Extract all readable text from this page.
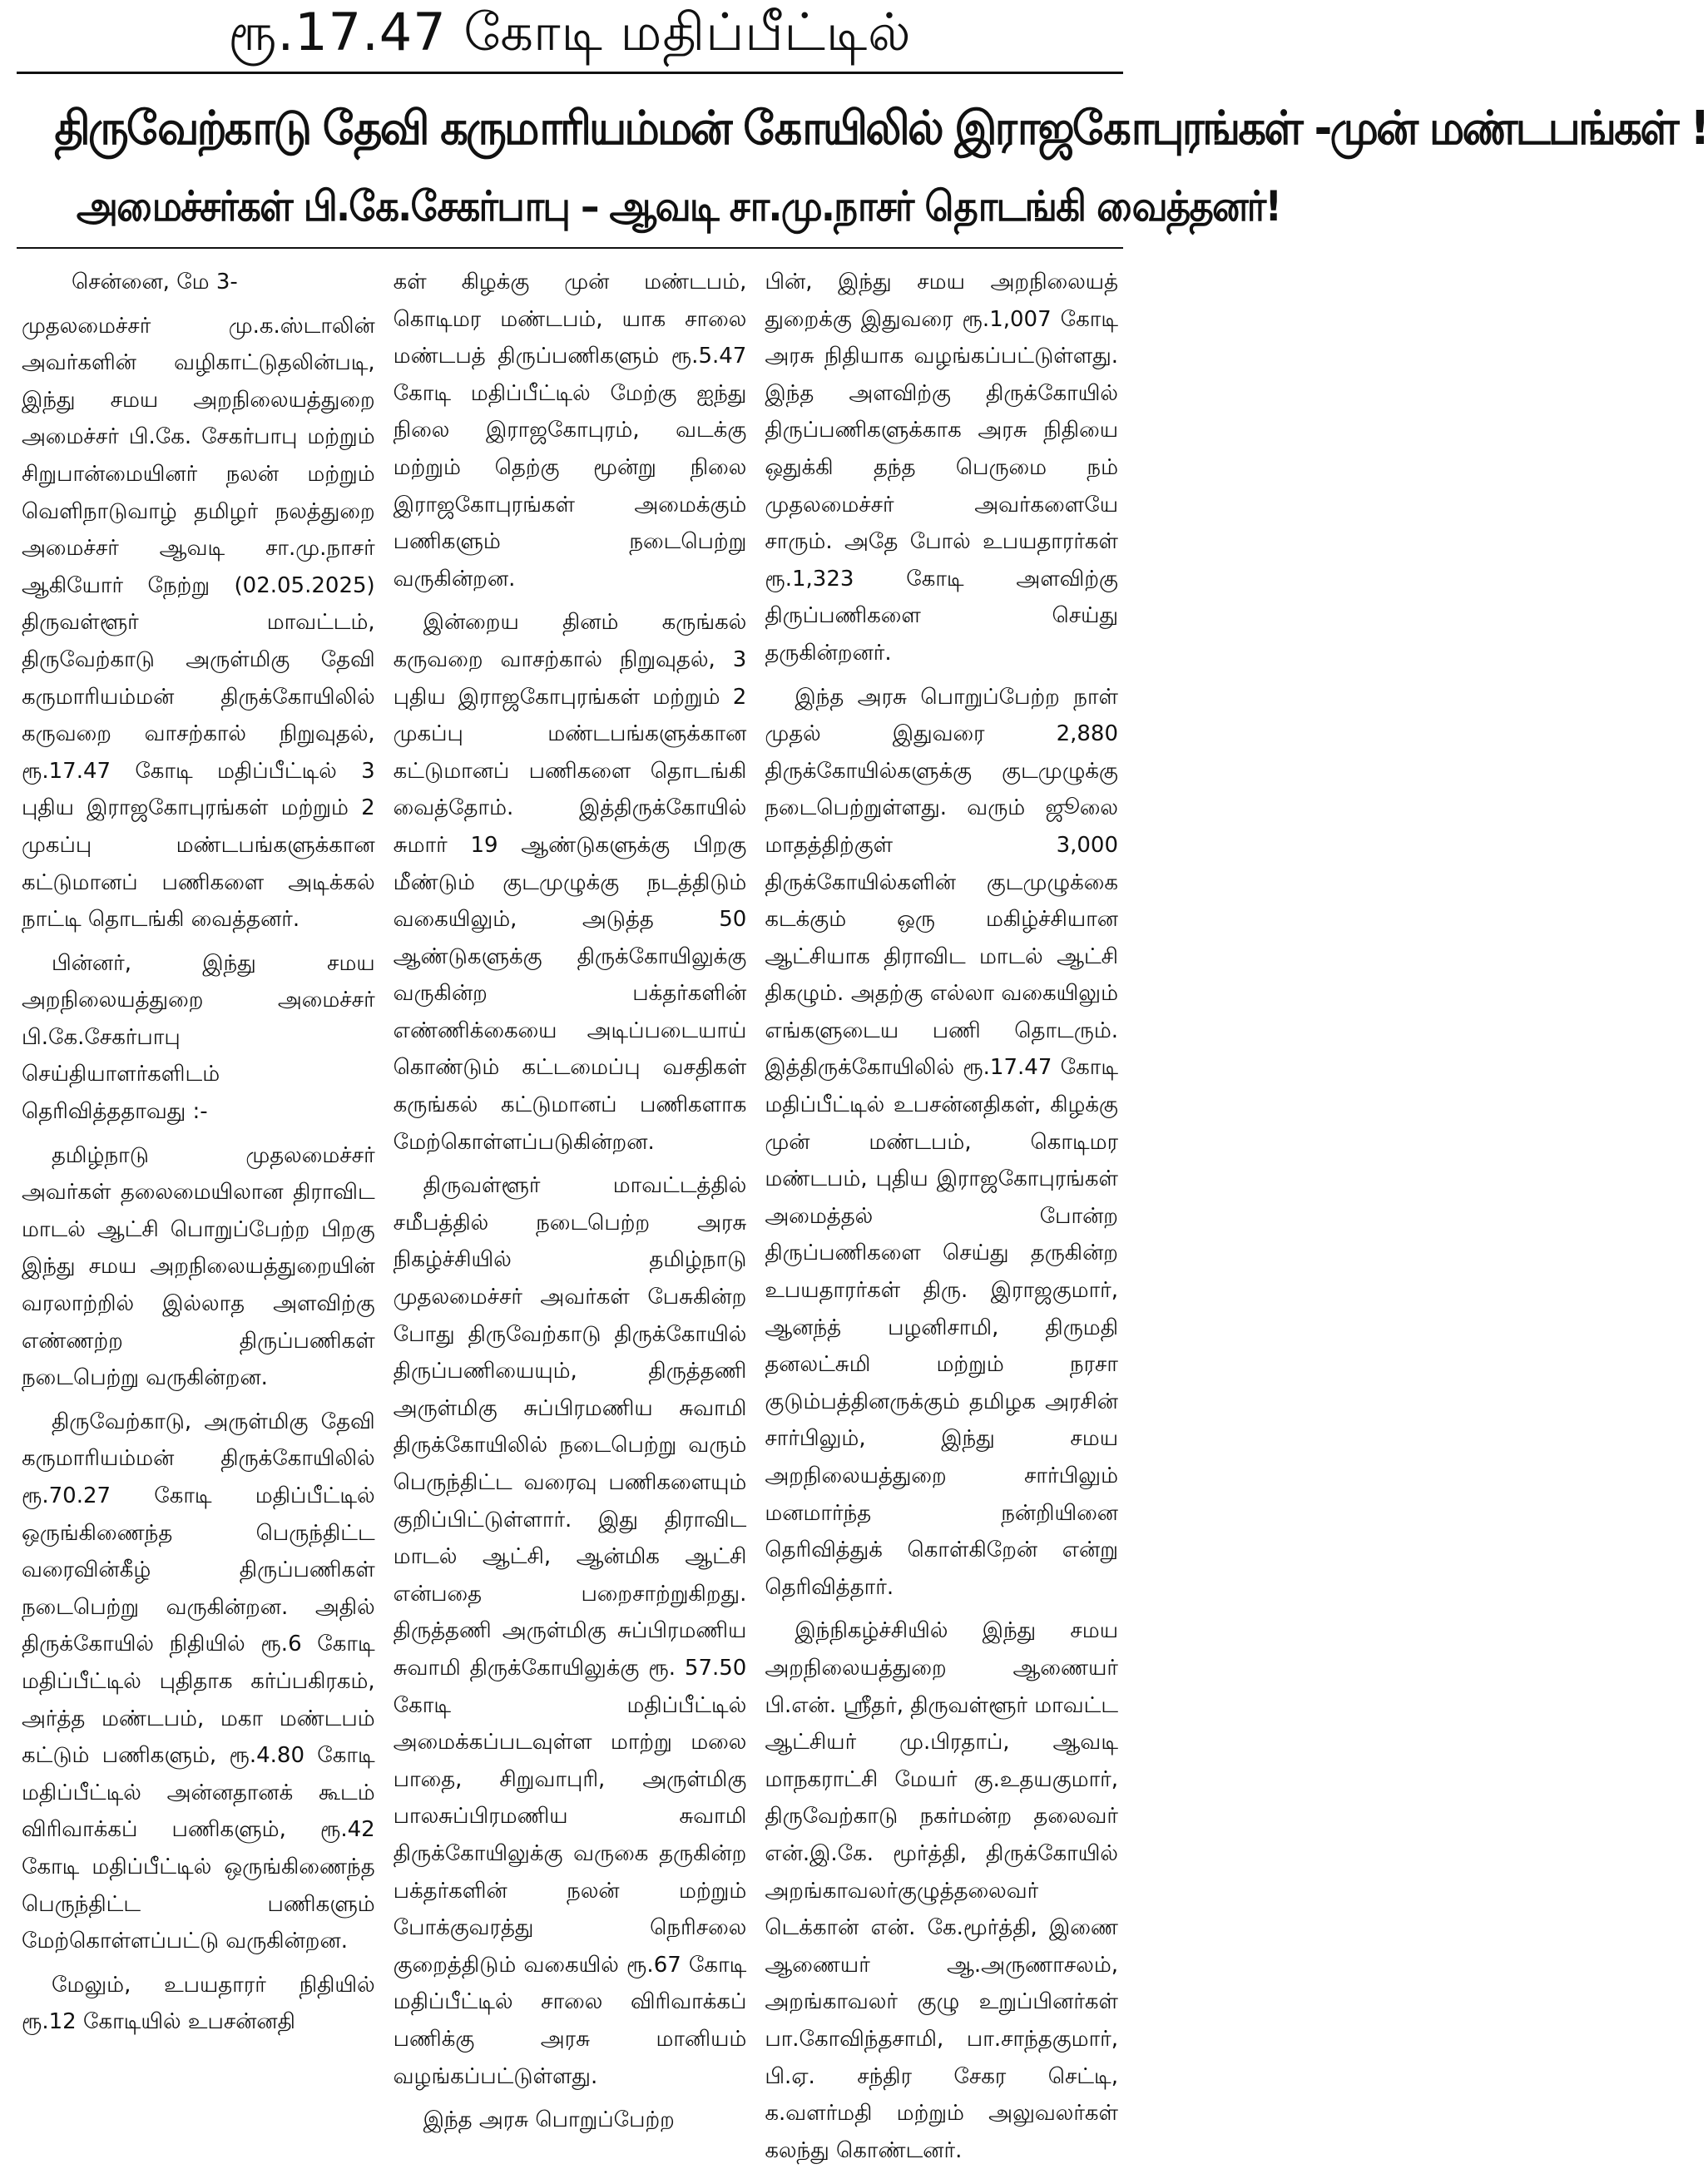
ரூ.17.47 கோடி மதிப்பீட்டில்
திருவேற்காடு தேவி கருமாரியம்மன் கோயிலில் இராஜகோபுரங்கள் -முன் மண்டபங்கள் !
அமைச்சர்கள் பி.கே.சேகர்பாபு – ஆவடி சா.மு.நாசர் தொடங்கி வைத்தனர்!

சென்னை, மே 3-

முதலமைச்சர் மு.க.ஸ்டாலின் அவர்களின் வழிகாட்டுதலின்படி, இந்து சமய அறநிலையத்துறை அமைச்சர் பி.கே. சேகர்பாபு மற்றும் சிறுபான்மையினர் நலன் மற்றும் வெளிநாடுவாழ் தமிழர் நலத்துறை அமைச்சர் ஆவடி சா.மு.நாசர் ஆகியோர் நேற்று (02.05.2025) திருவள்ளூர் மாவட்டம், திருவேற்காடு அருள்மிகு தேவி கருமாரியம்மன் திருக்கோயிலில் கருவறை வாசற்கால் நிறுவுதல், ரூ.17.47 கோடி மதிப்பீட்டில் 3 புதிய இராஜகோபுரங்கள் மற்றும் 2 முகப்பு மண்டபங்களுக்கான கட்டுமானப் பணிகளை அடிக்கல் நாட்டி தொடங்கி வைத்தனர்.

பின்னர், இந்து சமய அறநிலையத்துறை அமைச்சர் பி.கே.சேகர்பாபு செய்தியாளர்களிடம் தெரிவித்ததாவது :-

தமிழ்நாடு முதலமைச்சர் அவர்கள் தலைமையிலான திராவிட மாடல் ஆட்சி பொறுப்பேற்ற பிறகு இந்து சமய அறநிலையத்துறையின் வரலாற்றில் இல்லாத அளவிற்கு எண்ணற்ற திருப்பணிகள் நடைபெற்று வருகின்றன.

திருவேற்காடு, அருள்மிகு தேவி கருமாரியம்மன் திருக்கோயிலில் ரூ.70.27 கோடி மதிப்பீட்டில் ஒருங்கிணைந்த பெருந்திட்ட வரைவின்கீழ் திருப்பணிகள் நடைபெற்று வருகின்றன. அதில் திருக்கோயில் நிதியில் ரூ.6 கோடி மதிப்பீட்டில் புதிதாக கர்ப்பகிரகம், அர்த்த மண்டபம், மகா மண்டபம் கட்டும் பணிகளும், ரூ.4.80 கோடி மதிப்பீட்டில் அன்னதானக் கூடம் விரிவாக்கப் பணிகளும், ரூ.42 கோடி மதிப்பீட்டில் ஒருங்கிணைந்த பெருந்திட்ட பணிகளும் மேற்கொள்ளப்பட்டு வருகின்றன.

மேலும், உபயதாரர் நிதியில் ரூ.12 கோடியில் உபசன்னதி

கள் கிழக்கு முன் மண்டபம், கொடிமர மண்டபம், யாக சாலை மண்டபத் திருப்பணிகளும் ரூ.5.47 கோடி மதிப்பீட்டில் மேற்கு ஐந்து நிலை இராஜகோபுரம், வடக்கு மற்றும் தெற்கு மூன்று நிலை இராஜகோபுரங்கள் அமைக்கும் பணிகளும் நடைபெற்று வருகின்றன.

இன்றைய தினம் கருங்கல் கருவறை வாசற்கால் நிறுவுதல், 3 புதிய இராஜகோபுரங்கள் மற்றும் 2 முகப்பு மண்டபங்களுக்கான கட்டுமானப் பணிகளை தொடங்கி வைத்தோம். இத்திருக்கோயில் சுமார் 19 ஆண்டுகளுக்கு பிறகு மீண்டும் குடமுழுக்கு நடத்திடும் வகையிலும், அடுத்த 50 ஆண்டுகளுக்கு திருக்கோயிலுக்கு வருகின்ற பக்தர்களின் எண்ணிக்கையை அடிப்படையாய் கொண்டும் கட்டமைப்பு வசதிகள் கருங்கல் கட்டுமானப் பணிகளாக மேற்கொள்ளப்படுகின்றன.

திருவள்ளூர் மாவட்டத்தில் சமீபத்தில் நடைபெற்ற அரசு நிகழ்ச்சியில் தமிழ்நாடு முதலமைச்சர் அவர்கள் பேசுகின்ற போது திருவேற்காடு திருக்கோயில் திருப்பணியையும், திருத்தணி அருள்மிகு சுப்பிரமணிய சுவாமி திருக்கோயிலில் நடைபெற்று வரும் பெருந்திட்ட வரைவு பணிகளையும் குறிப்பிட்டுள்ளார். இது திராவிட மாடல் ஆட்சி, ஆன்மிக ஆட்சி என்பதை பறைசாற்றுகிறது. திருத்தணி அருள்மிகு சுப்பிரமணிய சுவாமி திருக்கோயிலுக்கு ரூ. 57.50 கோடி மதிப்பீட்டில் அமைக்கப்படவுள்ள மாற்று மலை பாதை, சிறுவாபுரி, அருள்மிகு பாலசுப்பிரமணிய சுவாமி திருக்கோயிலுக்கு வருகை தருகின்ற பக்தர்களின் நலன் மற்றும் போக்குவரத்து நெரிசலை குறைத்திடும் வகையில் ரூ.67 கோடி மதிப்பீட்டில் சாலை விரிவாக்கப் பணிக்கு அரசு மானியம் வழங்கப்பட்டுள்ளது.

இந்த அரசு பொறுப்பேற்ற

பின், இந்து சமய அறநிலையத் துறைக்கு இதுவரை ரூ.1,007 கோடி அரசு நிதியாக வழங்கப்பட்டுள்ளது. இந்த அளவிற்கு திருக்கோயில் திருப்பணிகளுக்காக அரசு நிதியை ஒதுக்கி தந்த பெருமை நம் முதலமைச்சர் அவர்களையே சாரும். அதே போல் உபயதாரர்கள் ரூ.1,323 கோடி அளவிற்கு திருப்பணிகளை செய்து தருகின்றனர்.

இந்த அரசு பொறுப்பேற்ற நாள் முதல் இதுவரை 2,880 திருக்கோயில்களுக்கு குடமுழுக்கு நடைபெற்றுள்ளது. வரும் ஜூலை மாதத்திற்குள் 3,000 திருக்கோயில்களின் குடமுழுக்கை கடக்கும் ஒரு மகிழ்ச்சியான ஆட்சியாக திராவிட மாடல் ஆட்சி திகழும். அதற்கு எல்லா வகையிலும் எங்களுடைய பணி தொடரும். இத்திருக்கோயிலில் ரூ.17.47 கோடி மதிப்பீட்டில் உபசன்னதிகள், கிழக்கு முன் மண்டபம், கொடிமர மண்டபம், புதிய இராஜகோபுரங்கள் அமைத்தல் போன்ற திருப்பணிகளை செய்து தருகின்ற உபயதாரர்கள் திரு. இராஜகுமார், ஆனந்த் பழனிசாமி, திருமதி தனலட்சுமி மற்றும் நரசா குடும்பத்தினருக்கும் தமிழக அரசின் சார்பிலும், இந்து சமய அறநிலையத்துறை சார்பிலும் மனமார்ந்த நன்றியினை தெரிவித்துக் கொள்கிறேன் என்று தெரிவித்தார்.

இந்நிகழ்ச்சியில் இந்து சமய அறநிலையத்துறை ஆணையர் பி.என். ஸ்ரீதர், திருவள்ளூர் மாவட்ட ஆட்சியர் மு.பிரதாப், ஆவடி மாநகராட்சி மேயர் கு.உதயகுமார், திருவேற்காடு நகர்மன்ற தலைவர் என்.இ.கே. மூர்த்தி, திருக்கோயில் அறங்காவலர்குழுத்தலைவர் டெக்கான் என். கே.மூர்த்தி, இணை ஆணையர் ஆ.அருணாசலம், அறங்காவலர் குழு உறுப்பினர்கள் பா.கோவிந்தசாமி, பா.சாந்தகுமார், பி.ஏ. சந்திர சேகர செட்டி, க.வளர்மதி மற்றும் அலுவலர்கள் கலந்து கொண்டனர்.
